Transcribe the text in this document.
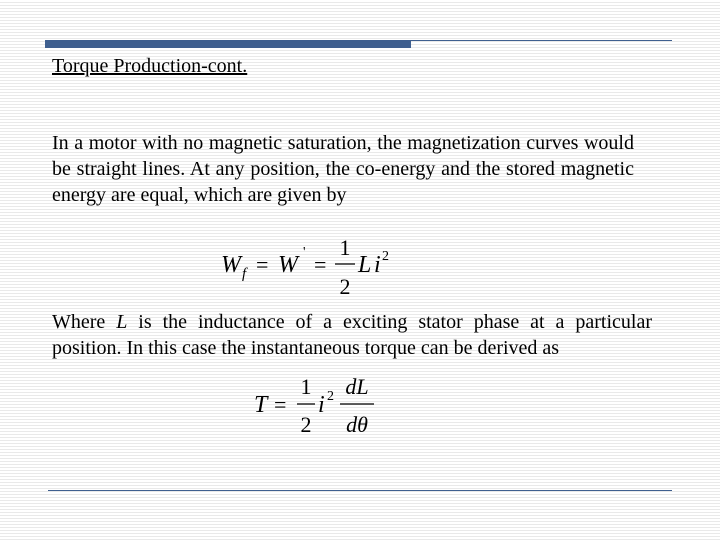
Torque Production-cont.

In a motor with no magnetic saturation, the magnetization curves would be straight lines. At any position, the co-energy and the stored magnetic energy are equal, which are given by

W f = W ' =
1
2
L i 2

Where L is the inductance of a exciting stator phase at a particular position. In this case the instantaneous torque can be derived as

T =
1
2
i 2 dL
dθ
